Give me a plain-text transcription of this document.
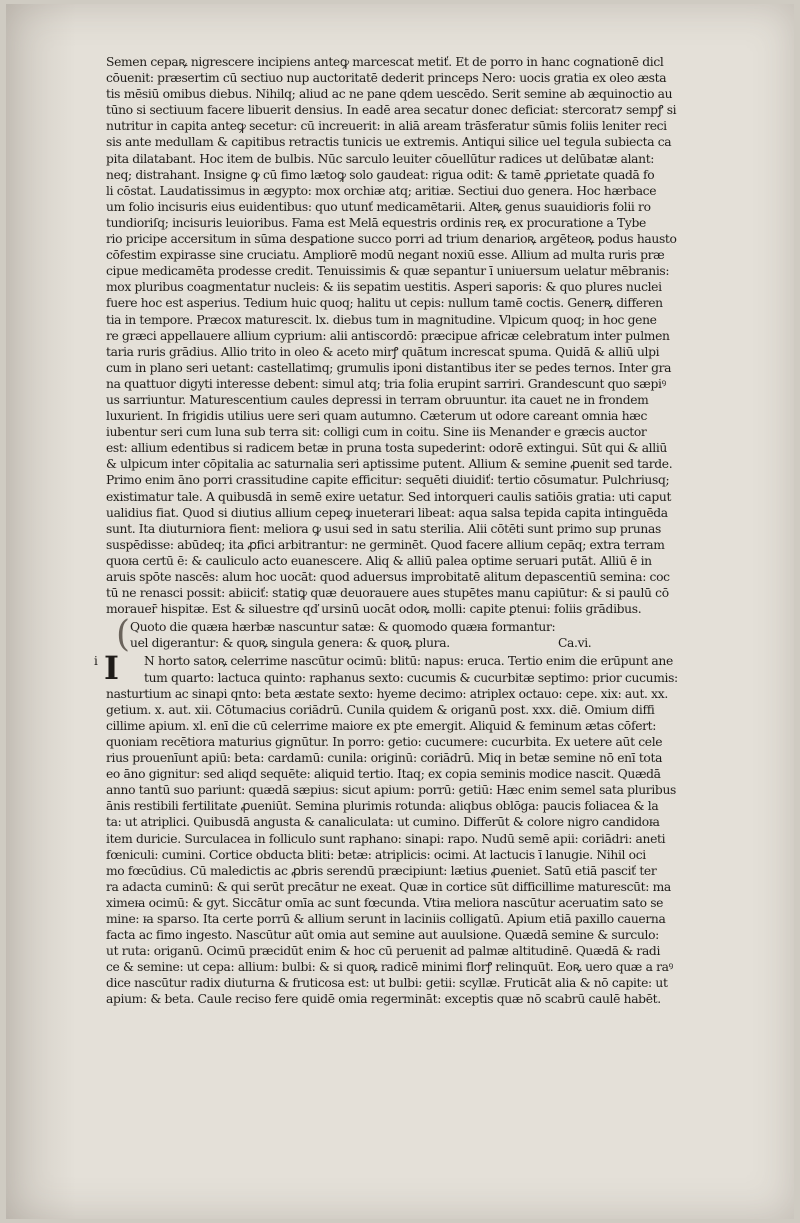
Semen cepaꝶ nigrescere incipiens anteꝙ marcescat metiť. Et de porro in hanc cognationē dicl
cōuenit: præsertim cū sectiuo nup auctoritatē dederit princeps Nero: uocis gratia ex oleo æsta
tis mēsiū omibus diebus. Nihilq; aliud ac ne pane qdem uescēdo. Serit semine ab æquinoctio au
tūno si sectiuum facere libuerit densius. In eadē area secatur donec deficiat: stercorat⁊ sempꝭ si
nutritur in capita anteꝙ secetur: cū increuerit: in aliā aream trāsferatur sūmis foliis leniter reci
sis ante medullam & capitibus retractis tunicis ue extremis. Antiqui silice uel tegula subiecta ca
pita dilatabant. Hoc item de bulbis. Nūc sarculo leuiter cōuellūtur radices ut delūbatæ alant:
neq; distrahant. Insigne ꝙ cū fimo lætoꝙ solo gaudeat: rigua odit: & tamē ꝓprietate quadā fo
li cōstat. Laudatissimus in ægypto: mox orchiæ atq; aritiæ. Sectiui duo genera. Hoc hærbace
um folio incisuris eius euidentibus: quo utunť medicamētarii. Alteꝶ genus suauidioris folii ro
tundioriſq; incisuris leuioribus. Fama est Melā equestris ordinis reꝶ ex procuratione a Tybe
rio pricipe accersitum in sūma desꝑatione succo porri ad trium denarioꝶ argēteoꝶ podus hausto
cōfestim expirasse sine cruciatu. Ampliorē modū negant noxiū esse. Allium ad multa ruris præ
cipue medicamēta prodesse credit. Tenuissimis & quæ sepantur ī uniuersum uelatur mēbranis:
mox pluribus coagmentatur nucleis: & iis sepatim uestitis. Asperi saporis: & quo plures nuclei
fuere hoc est asperius. Tedium huic quoq; halitu ut cepis: nullum tamē coctis. Generꝶ differen
tia in tempore. Præcox maturescit. lx. diebus tum in magnitudine. Vlpicum quoq; in hoc gene
re græci appellauere allium cyprium: alii antiscordō: præcipue africæ celebratum inter pulmen
taria ruris grādius. Allio trito in oleo & aceto mirꝭ quātum increscat spuma. Quidā & alliū ulpi
cum in plano seri uetant: castellatimq; grumulis iponi distantibus iter se pedes ternos. Inter gra
na quattuor digyti interesse debent: simul atq; tria folia erupint sarriri. Grandescunt quo sæpiꝰ
us sarriuntur. Maturescentium caules depressi in terram obruuntur. ita cauet ne in frondem
luxurient. In frigidis utilius uere seri quam autumno. Cæterum ut odore careant omnia hæc
iubentur seri cum luna sub terra sit: colligi cum in coitu. Sine iis Menander e græcis auctor
est: allium edentibus si radicem betæ in pruna tosta supederint: odorē extingui. Sūt qui & alliū
& ulpicum inter cōpitalia ac saturnalia seri aptissime putent. Allium & semine ꝓuenit sed tarde.
Primo enim āno porri crassitudine capite efficitur: sequēti diuidiť: tertio cōsumatur. Pulchriusq;
existimatur tale. A quibusdā in semē exire uetatur. Sed intorqueri caulis satiōis gratia: uti caput
ualidius fiat. Quod si diutius allium cepeꝙ inueterari libeat: aqua salsa tepida capita intinguēda
sunt. Ita diuturniora fient: meliora ꝙ usui sed in satu sterilia. Alii cōtēti sunt primo sup prunas
suspēdisse: abūdeq; ita ꝓfici arbitrantur: ne germinēt. Quod facere allium cepāq; extra terram
quoꙗ certū ē: & cauliculo acto euanescere. Aliq & alliū palea optime seruari putāt. Alliū ē in
aruis spōte nascēs: alum hoc uocāt: quod aduersus improbitatē alitum depascentiū semina: coc
tū ne renasci possit: abiiciť: statiꝙ quæ deuorauere aues stupētes manu capiūtur: & si paulū cō
morauer̄ hispitæ. Est & siluestre qď ursinū uocāt odoꝶ molli: capite ꝑtenui: foliis grādibus.
( Quoto die quæꙗ hærbæ nascuntur satæ: & quomodo quæꙗ formantur:
uel digerantur: & quoꝶ singula genera: & quoꝶ plura.	Ca.vi.
i I	N horto satoꝶ celerrime nascūtur ocimū: blitū: napus: eruca. Tertio enim die erūpunt ane
tum quarto: lactuca quinto: raphanus sexto: cucumis & cucurbitæ septimo: prior cucumis:
nasturtium ac sinapi qnto: beta æstate sexto: hyeme decimo: atriplex octauo: cepe. xix: aut. xx.
getium. x. aut. xii. Cōtumacius coriādrū. Cunila quidem & origanū post. xxx. diē. Omium diffi
cillime apium. xl. enī die cū celerrime maiore ex pte emergit. Aliquid & feminum ætas cōfert:
quoniam recētiora maturius gignūtur. In porro: getio: cucumere: cucurbita. Ex uetere aūt cele
rius prouenīunt apiū: beta: cardamū: cunila: originū: coriādrū. Miq in betæ semine nō enī tota
eo āno gignitur: sed aliqd sequēte: aliquid tertio. Itaq; ex copia seminis modice nascit. Quædā
anno tantū suo pariunt: quædā sæpius: sicut apium: porrū: getiū: Hæc enim semel sata pluribus
ānis restibili fertilitate ꝓueniūt. Semina plurimis rotunda: aliqbus oblōga: paucis foliacea & la
ta: ut atriplici. Quibusdā angusta & canaliculata: ut cumino. Differūt & colore nigro candidoꙗ
item duricie. Surculacea in folliculo sunt raphano: sinapi: rapo. Nudū semē apii: coriādri: aneti
fœniculi: cumini. Cortice obducta bliti: betæ: atriplicis: ocimi. At lactucis ī lanugie. Nihil oci
mo fœcūdius. Cū maledictis ac ꝓbris serendū præcipiunt: lætius ꝓueniet. Satū etiā pasciť ter
ra adacta cuminū: & qui serūt precātur ne exeat. Quæ in cortice sūt difficillime maturescūt: ma
ximeꙗ ocimū: & gyt. Siccātur omīa ac sunt fœcunda. Vtiꙗ meliora nascūtur aceruatim sato se
mine: ꙗ sparso. Ita certe porrū & allium serunt in laciniis colligatū. Apium etiā paxillo cauerna
facta ac fimo ingesto. Nascūtur aūt omia aut semine aut auulsione. Quædā semine & surculo:
ut ruta: origanū. Ocimū præcidūt enim & hoc cū peruenit ad palmæ altitudinē. Quædā & radi
ce & semine: ut cepa: allium: bulbi: & si quoꝶ radicē minimi florꝭ relinquūt. Eoꝶ uero quæ a raꝰ
dice nascūtur radix diuturna & fruticosa est: ut bulbi: getii: scyllæ. Fruticāt alia & nō capite: ut
apium: & beta. Caule reciso fere quidē omia regermināt: exceptis quæ nō scabrū caulē habēt.
